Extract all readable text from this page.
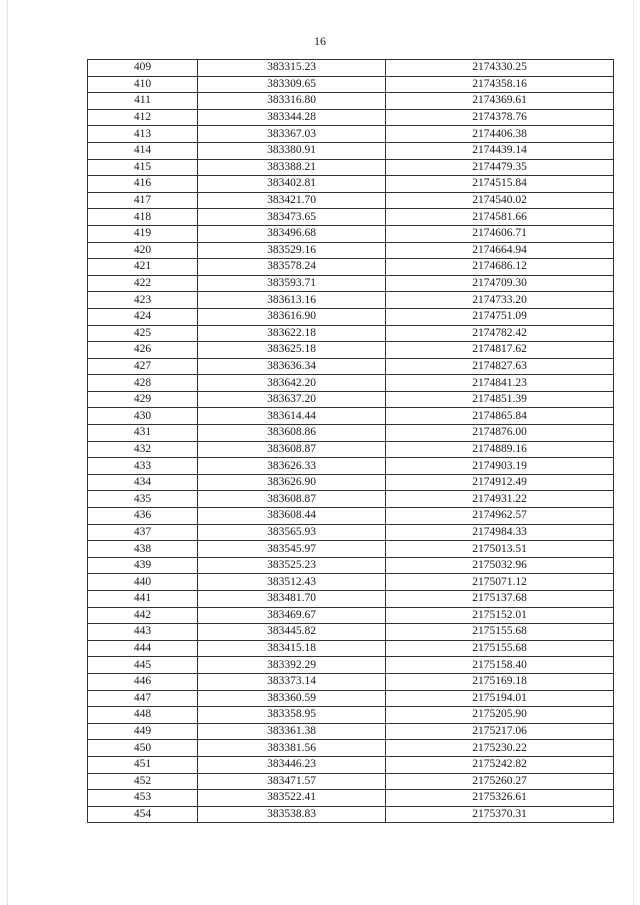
16
409	383315.23	2174330.25
410	383309.65	2174358.16
411	383316.80	2174369.61
412	383344.28	2174378.76
413	383367.03	2174406.38
414	383380.91	2174439.14
415	383388.21	2174479.35
416	383402.81	2174515.84
417	383421.70	2174540.02
418	383473.65	2174581.66
419	383496.68	2174606.71
420	383529.16	2174664.94
421	383578.24	2174686.12
422	383593.71	2174709.30
423	383613.16	2174733.20
424	383616.90	2174751.09
425	383622.18	2174782.42
426	383625.18	2174817.62
427	383636.34	2174827.63
428	383642.20	2174841.23
429	383637.20	2174851.39
430	383614.44	2174865.84
431	383608.86	2174876.00
432	383608.87	2174889.16
433	383626.33	2174903.19
434	383626.90	2174912.49
435	383608.87	2174931.22
436	383608.44	2174962.57
437	383565.93	2174984.33
438	383545.97	2175013.51
439	383525.23	2175032.96
440	383512.43	2175071.12
441	383481.70	2175137.68
442	383469.67	2175152.01
443	383445.82	2175155.68
444	383415.18	2175155.68
445	383392.29	2175158.40
446	383373.14	2175169.18
447	383360.59	2175194.01
448	383358.95	2175205.90
449	383361.38	2175217.06
450	383381.56	2175230.22
451	383446.23	2175242.82
452	383471.57	2175260.27
453	383522.41	2175326.61
454	383538.83	2175370.31
